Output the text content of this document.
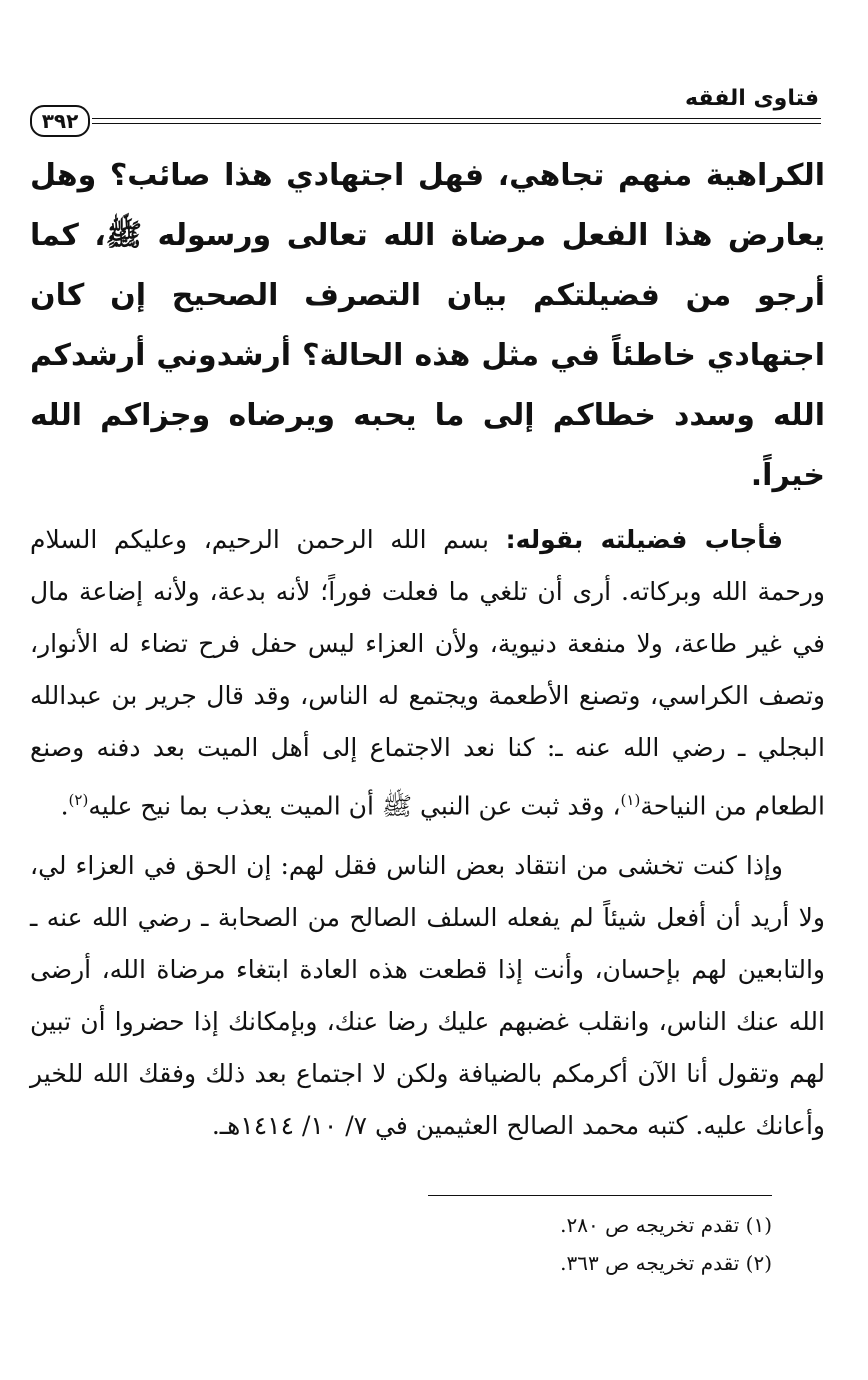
فتاوى الفقه
٣٩٢

الكراهية منهم تجاهي، فهل اجتهادي هذا صائب؟ وهل يعارض هذا الفعل مرضاة الله تعالى ورسوله ﷺ، كما أرجو من فضيلتكم بيان التصرف الصحيح إن كان اجتهادي خاطئاً في مثل هذه الحالة؟ أرشدوني أرشدكم الله وسدد خطاكم إلى ما يحبه ويرضاه وجزاكم الله خيراً.

فأجاب فضيلته بقوله: بسم الله الرحمن الرحيم، وعليكم السلام ورحمة الله وبركاته. أرى أن تلغي ما فعلت فوراً؛ لأنه بدعة، ولأنه إضاعة مال في غير طاعة، ولا منفعة دنيوية، ولأن العزاء ليس حفل فرح تضاء له الأنوار، وتصف الكراسي، وتصنع الأطعمة ويجتمع له الناس، وقد قال جرير بن عبدالله البجلي ـ رضي الله عنه ـ: كنا نعد الاجتماع إلى أهل الميت بعد دفنه وصنع الطعام من النياحة$^{(١)}$، وقد ثبت عن النبي ﷺ أن الميت يعذب بما نيح عليه$^{(٢)}$.

وإذا كنت تخشى من انتقاد بعض الناس فقل لهم: إن الحق في العزاء لي، ولا أريد أن أفعل شيئاً لم يفعله السلف الصالح من الصحابة ـ رضي الله عنه ـ والتابعين لهم بإحسان، وأنت إذا قطعت هذه العادة ابتغاء مرضاة الله، أرضى الله عنك الناس، وانقلب غضبهم عليك رضا عنك، وبإمكانك إذا حضروا أن تبين لهم وتقول أنا الآن أكرمكم بالضيافة ولكن لا اجتماع بعد ذلك وفقك الله للخير وأعانك عليه. كتبه محمد الصالح العثيمين في ٧/ ١٠/ ١٤١٤هـ.

(١) تقدم تخريجه ص ٢٨٠.

(٢) تقدم تخريجه ص ٣٦٣.
